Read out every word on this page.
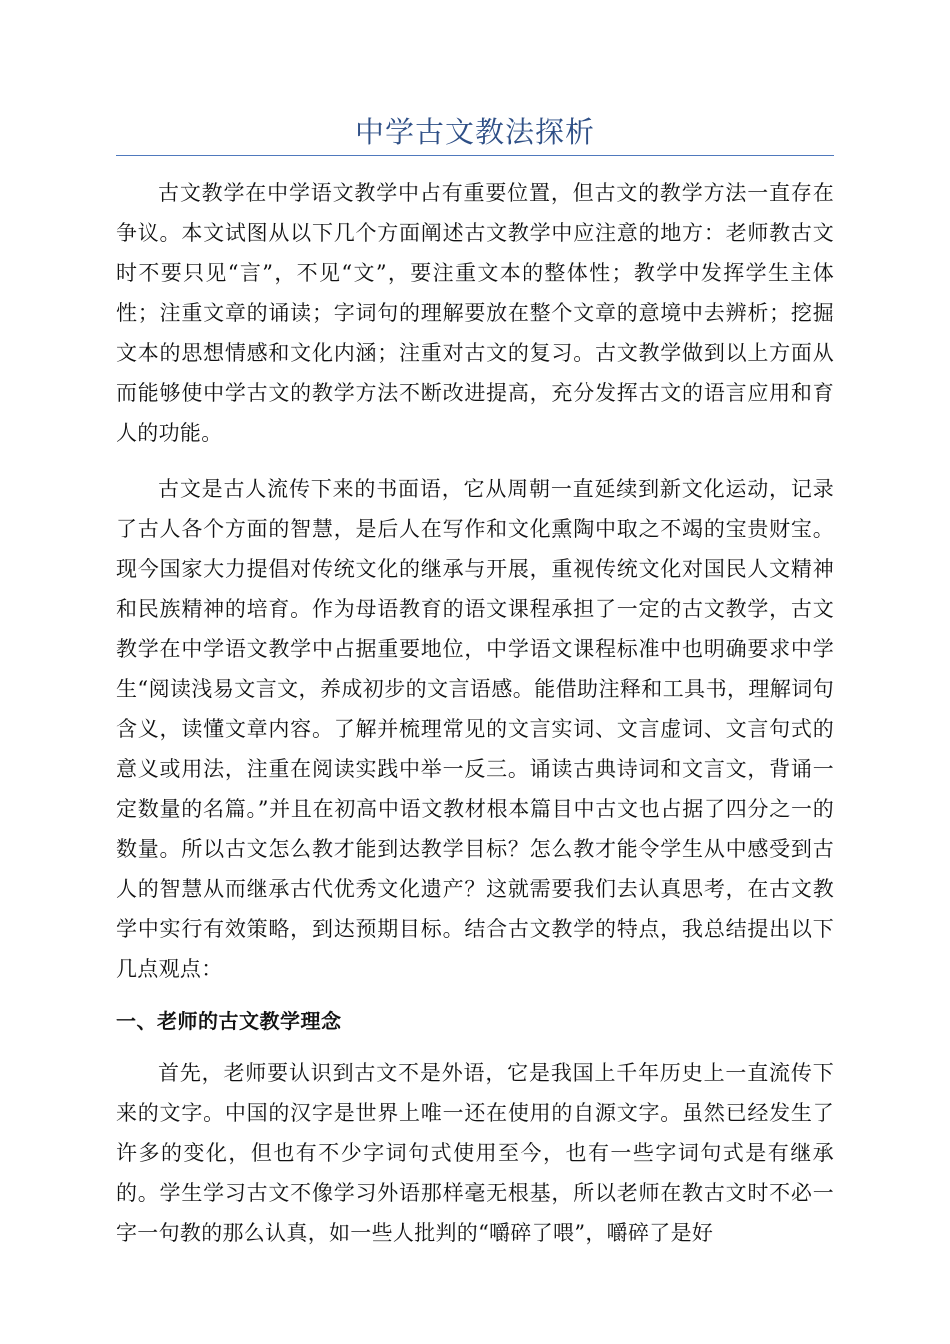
中学古文教法探析

古文教学在中学语文教学中占有重要位置，但古文的教学方法一直存在争议。本文试图从以下几个方面阐述古文教学中应注意的地方：老师教古文时不要只见“言”，不见“文”，要注重文本的整体性；教学中发挥学生主体性；注重文章的诵读；字词句的理解要放在整个文章的意境中去辨析；挖掘文本的思想情感和文化内涵；注重对古文的复习。古文教学做到以上方面从而能够使中学古文的教学方法不断改进提高，充分发挥古文的语言应用和育人的功能。

古文是古人流传下来的书面语，它从周朝一直延续到新文化运动，记录了古人各个方面的智慧，是后人在写作和文化熏陶中取之不竭的宝贵财宝。现今国家大力提倡对传统文化的继承与开展，重视传统文化对国民人文精神和民族精神的培育。作为母语教育的语文课程承担了一定的古文教学，古文教学在中学语文教学中占据重要地位，中学语文课程标准中也明确要求中学生“阅读浅易文言文，养成初步的文言语感。能借助注释和工具书，理解词句含义，读懂文章内容。了解并梳理常见的文言实词、文言虚词、文言句式的意义或用法，注重在阅读实践中举一反三。诵读古典诗词和文言文，背诵一定数量的名篇。”并且在初高中语文教材根本篇目中古文也占据了四分之一的数量。所以古文怎么教才能到达教学目标？怎么教才能令学生从中感受到古人的智慧从而继承古代优秀文化遗产？这就需要我们去认真思考，在古文教学中实行有效策略，到达预期目标。结合古文教学的特点，我总结提出以下几点观点：

一、老师的古文教学理念

首先，老师要认识到古文不是外语，它是我国上千年历史上一直流传下来的文字。中国的汉字是世界上唯一还在使用的自源文字。虽然已经发生了许多的变化，但也有不少字词句式使用至今，也有一些字词句式是有继承的。学生学习古文不像学习外语那样毫无根基，所以老师在教古文时不必一字一句教的那么认真，如一些人批判的“嚼碎了喂”，嚼碎了是好
